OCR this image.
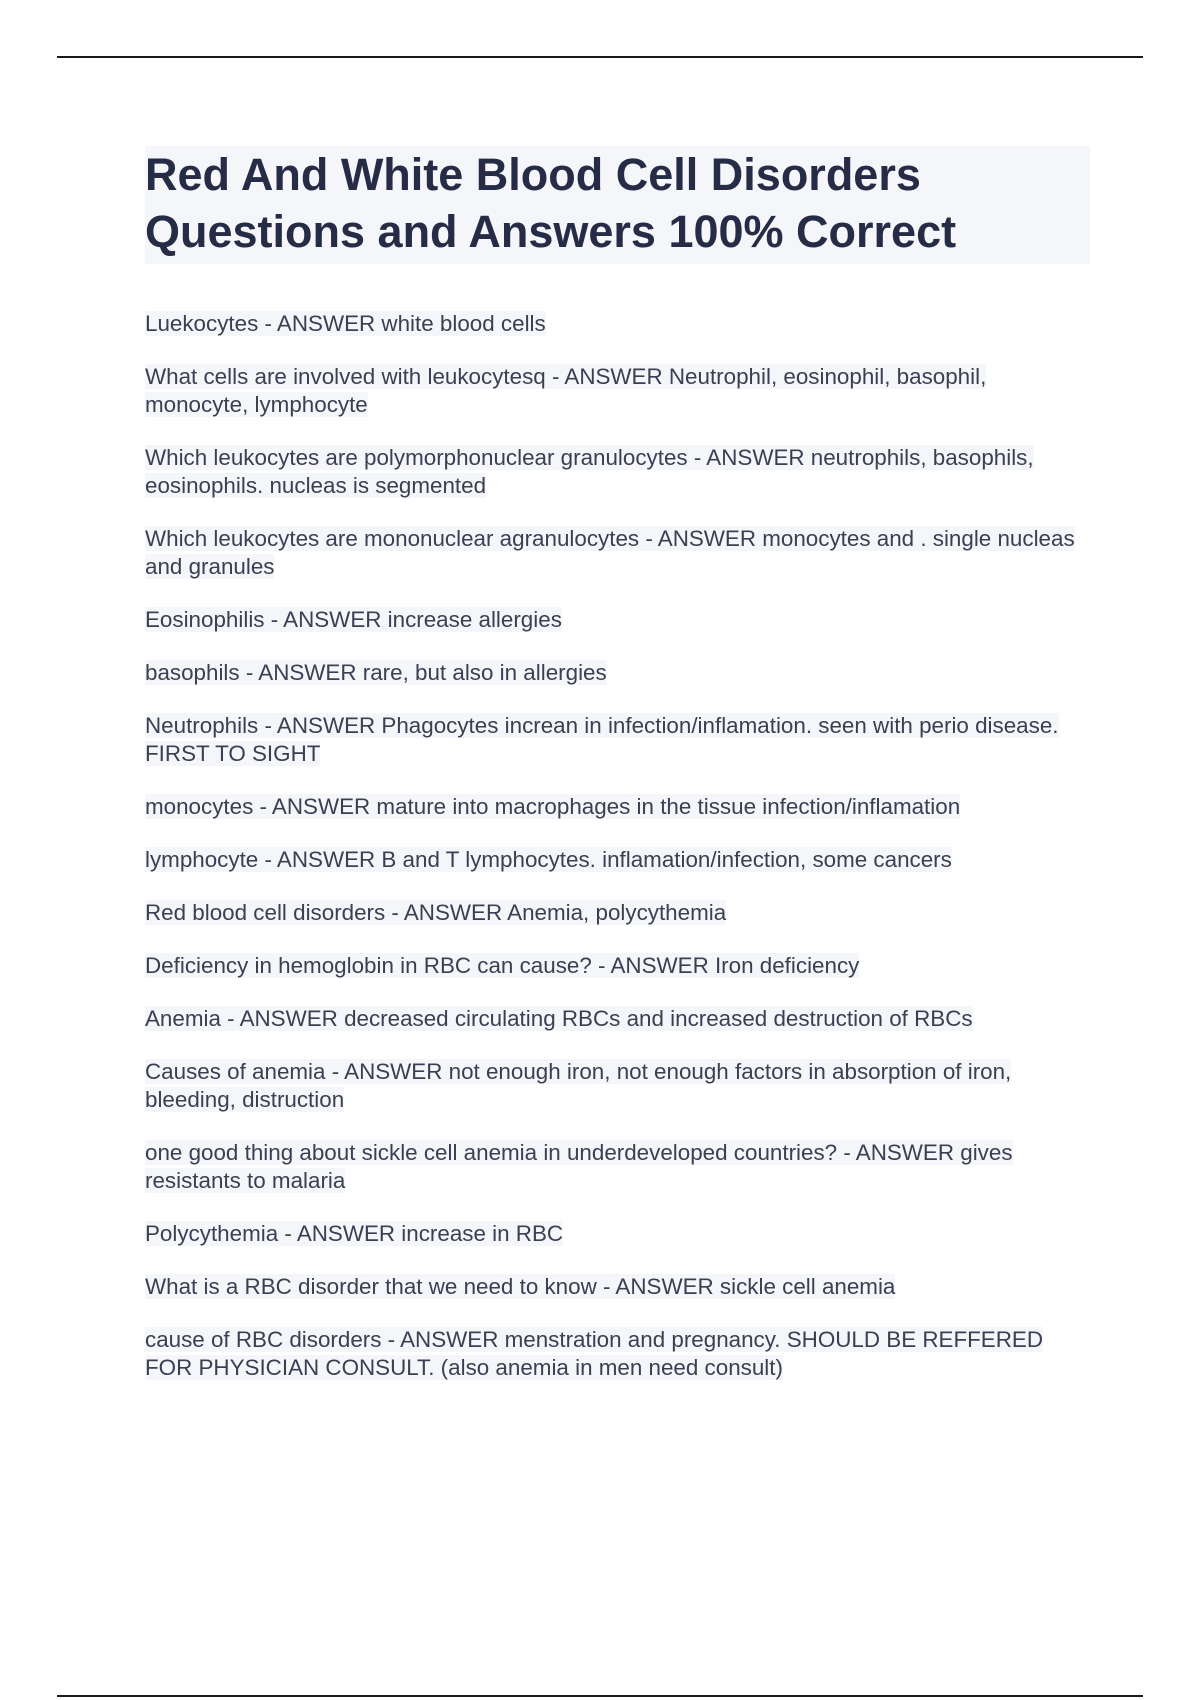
Red And White Blood Cell Disorders
Questions and Answers 100% Correct

Luekocytes - ANSWER white blood cells

What cells are involved with leukocytesq - ANSWER Neutrophil, eosinophil, basophil, monocyte, lymphocyte

Which leukocytes are polymorphonuclear granulocytes - ANSWER neutrophils, basophils, eosinophils. nucleas is segmented

Which leukocytes are mononuclear agranulocytes - ANSWER monocytes and . single nucleas and granules

Eosinophilis - ANSWER increase allergies

basophils - ANSWER rare, but also in allergies

Neutrophils - ANSWER Phagocytes increan in infection/inflamation. seen with perio disease. FIRST TO SIGHT

monocytes - ANSWER mature into macrophages in the tissue infection/inflamation

lymphocyte - ANSWER B and T lymphocytes. inflamation/infection, some cancers

Red blood cell disorders - ANSWER Anemia, polycythemia

Deficiency in hemoglobin in RBC can cause? - ANSWER Iron deficiency

Anemia - ANSWER decreased circulating RBCs and increased destruction of RBCs

Causes of anemia - ANSWER not enough iron, not enough factors in absorption of iron, bleeding, distruction

one good thing about sickle cell anemia in underdeveloped countries? - ANSWER gives resistants to malaria

Polycythemia - ANSWER increase in RBC

What is a RBC disorder that we need to know - ANSWER sickle cell anemia

cause of RBC disorders - ANSWER menstration and pregnancy. SHOULD BE REFFERED FOR PHYSICIAN CONSULT. (also anemia in men need consult)
